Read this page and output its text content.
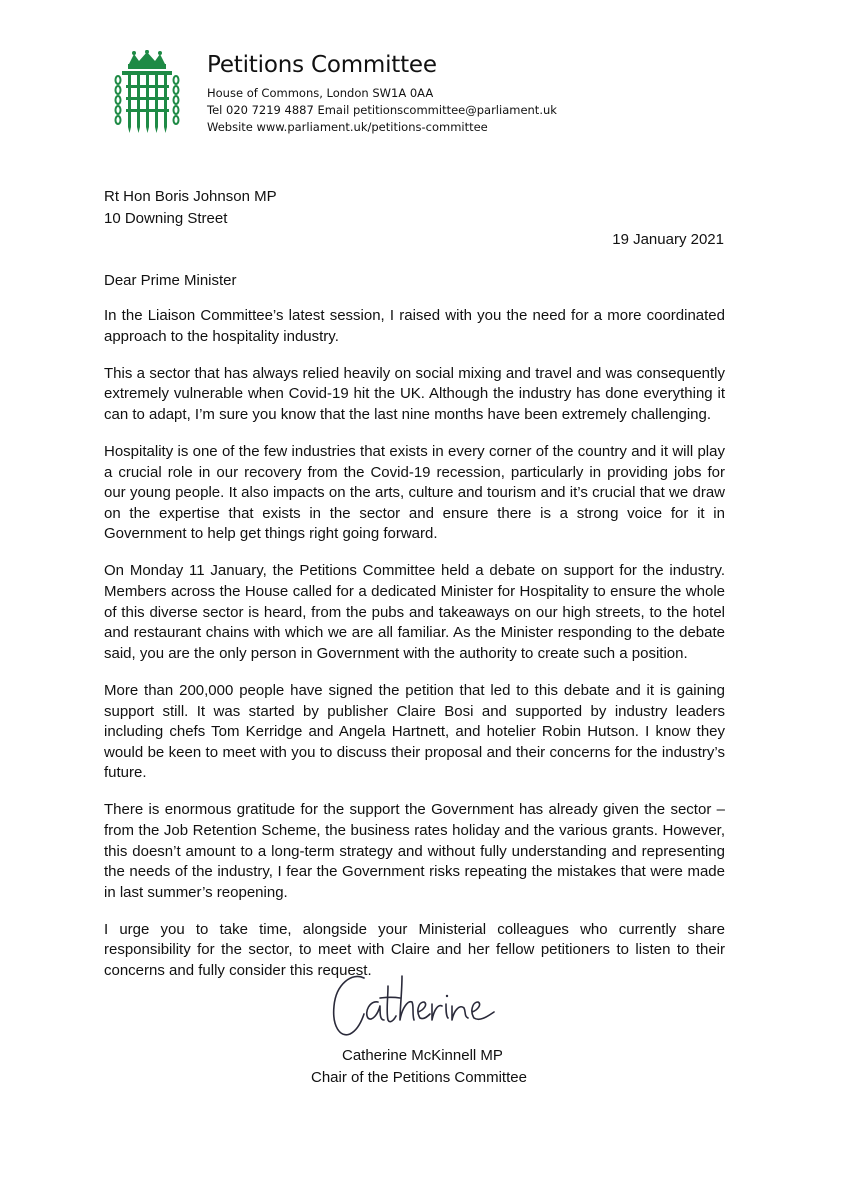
Petitions Committee
House of Commons, London SW1A 0AA
Tel 020 7219 4887 Email petitionscommittee@parliament.uk
Website www.parliament.uk/petitions-committee
Rt Hon Boris Johnson MP
10 Downing Street
19 January 2021
Dear Prime Minister

In the Liaison Committee’s latest session, I raised with you the need for a more coordinated approach to the hospitality industry.

This a sector that has always relied heavily on social mixing and travel and was consequently extremely vulnerable when Covid-19 hit the UK. Although the industry has done everything it can to adapt, I’m sure you know that the last nine months have been extremely challenging.

Hospitality is one of the few industries that exists in every corner of the country and it will play a crucial role in our recovery from the Covid-19 recession, particularly in providing jobs for our young people. It also impacts on the arts, culture and tourism and it’s crucial that we draw on the expertise that exists in the sector and ensure there is a strong voice for it in Government to help get things right going forward.

On Monday 11 January, the Petitions Committee held a debate on support for the industry. Members across the House called for a dedicated Minister for Hospitality to ensure the whole of this diverse sector is heard, from the pubs and takeaways on our high streets, to the hotel and restaurant chains with which we are all familiar. As the Minister responding to the debate said, you are the only person in Government with the authority to create such a position.

More than 200,000 people have signed the petition that led to this debate and it is gaining support still. It was started by publisher Claire Bosi and supported by industry leaders including chefs Tom Kerridge and Angela Hartnett, and hotelier Robin Hutson. I know they would be keen to meet with you to discuss their proposal and their concerns for the industry’s future.

There is enormous gratitude for the support the Government has already given the sector – from the Job Retention Scheme, the business rates holiday and the various grants. However, this doesn’t amount to a long-term strategy and without fully understanding and representing the needs of the industry, I fear the Government risks repeating the mistakes that were made in last summer’s reopening.

I urge you to take time, alongside your Ministerial colleagues who currently share responsibility for the sector, to meet with Claire and her fellow petitioners to listen to their concerns and fully consider this request.

Catherine McKinnell MP
Chair of the Petitions Committee
